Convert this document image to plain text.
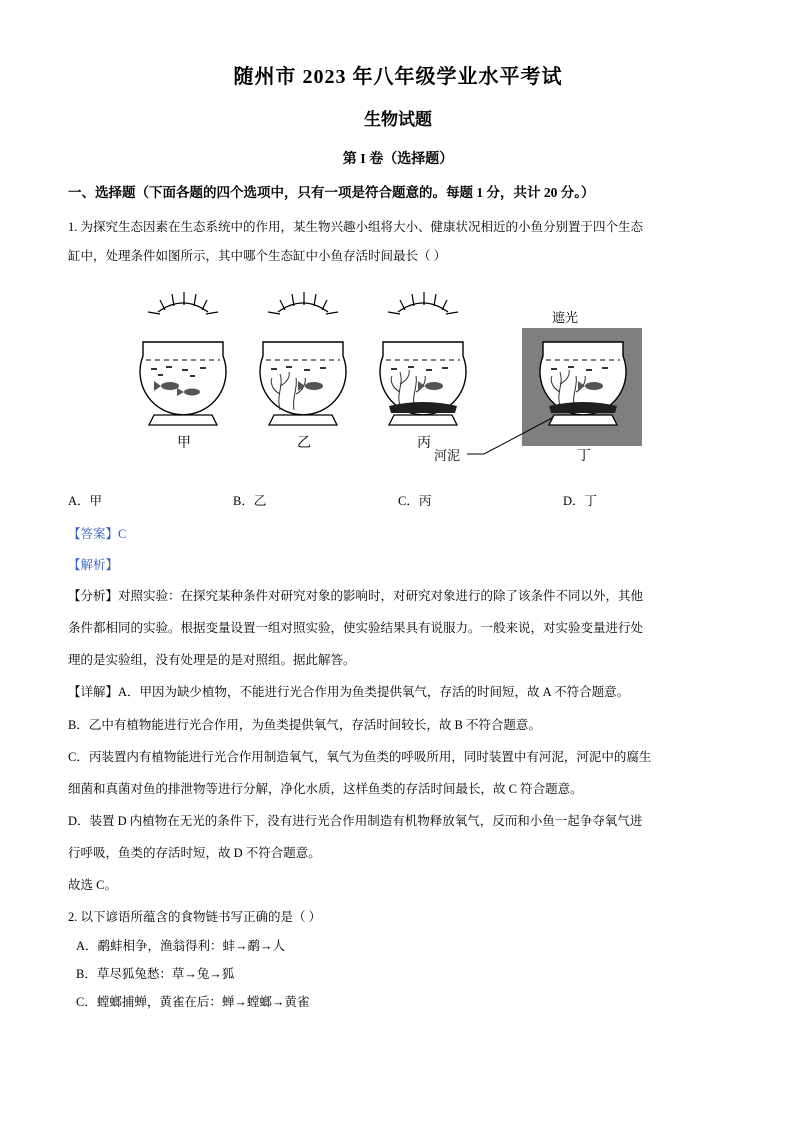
随州市 2023 年八年级学业水平考试
生物试题
第 I 卷（选择题）
一、选择题（下面各题的四个选项中，只有一项是符合题意的。每题 1 分，共计 20 分。）
1. 为探究生态因素在生态系统中的作用，某生物兴趣小组将大小、健康状况相近的小鱼分别置于四个生态
缸中，处理条件如图所示，其中哪个生态缸中小鱼存活时间最长（ ）
遮光
河泥
甲	乙	丙
丁
A．甲	B．乙	C．丙	D．丁
【答案】C
【解析】
【分析】对照实验：在探究某种条件对研究对象的影响时，对研究对象进行的除了该条件不同以外，其他
条件都相同的实验。根据变量设置一组对照实验，使实验结果具有说服力。一般来说，对实验变量进行处
理的是实验组，没有处理是的是对照组。据此解答。
【详解】A．甲因为缺少植物，不能进行光合作用为鱼类提供氧气，存活的时间短，故 A 不符合题意。
B．乙中有植物能进行光合作用，为鱼类提供氧气，存活时间较长，故 B 不符合题意。
C．丙装置内有植物能进行光合作用制造氧气，氧气为鱼类的呼吸所用，同时装置中有河泥，河泥中的腐生
细菌和真菌对鱼的排泄物等进行分解，净化水质，这样鱼类的存活时间最长，故 C 符合题意。
D．装置 D 内植物在无光的条件下，没有进行光合作用制造有机物释放氧气，反而和小鱼一起争夺氧气进
行呼吸，鱼类的存活时短，故 D 不符合题意。
故选 C。
2. 以下谚语所蕴含的食物链书写正确的是（ ）
A．鹬蚌相争，渔翁得利：蚌→鹬→人
B．草尽狐兔愁：草→兔→狐
C．螳螂捕蝉，黄雀在后：蝉→螳螂→黄雀
